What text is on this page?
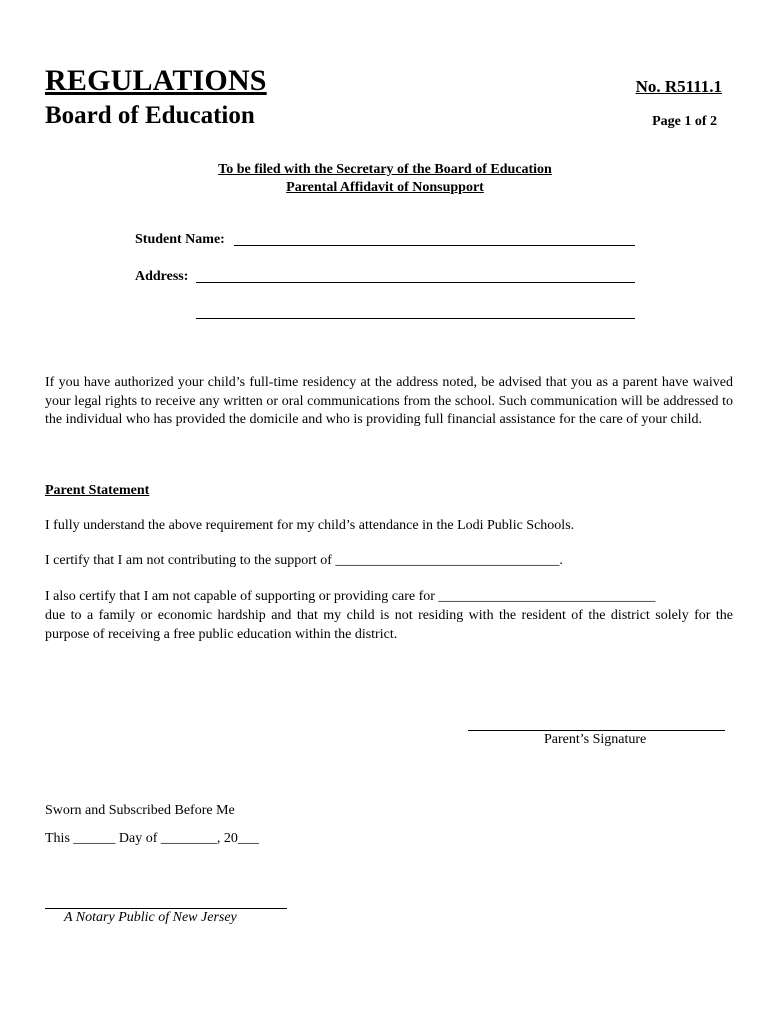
REGULATIONS
Board of Education
No. R5111.1
Page 1 of 2
To be filed with the Secretary of the Board of Education
Parental Affidavit of Nonsupport
Student Name:
Address:
If you have authorized your child’s full-time residency at the address noted, be advised that you as a parent have waived your legal rights to receive any written or oral communications from the school. Such communication will be addressed to the individual who has provided the domicile and who is providing full financial assistance for the care of your child.
Parent Statement
I fully understand the above requirement for my child’s attendance in the Lodi Public Schools.
I certify that I am not contributing to the support of ________________________________.
I also certify that I am not capable of supporting or providing care for _______________________________
due to a family or economic hardship and that my child is not residing with the resident of the district solely for the purpose of receiving a free public education within the district.
Parent’s Signature
Sworn and Subscribed Before Me
This ______ Day of ________, 20___
A Notary Public of New Jersey
